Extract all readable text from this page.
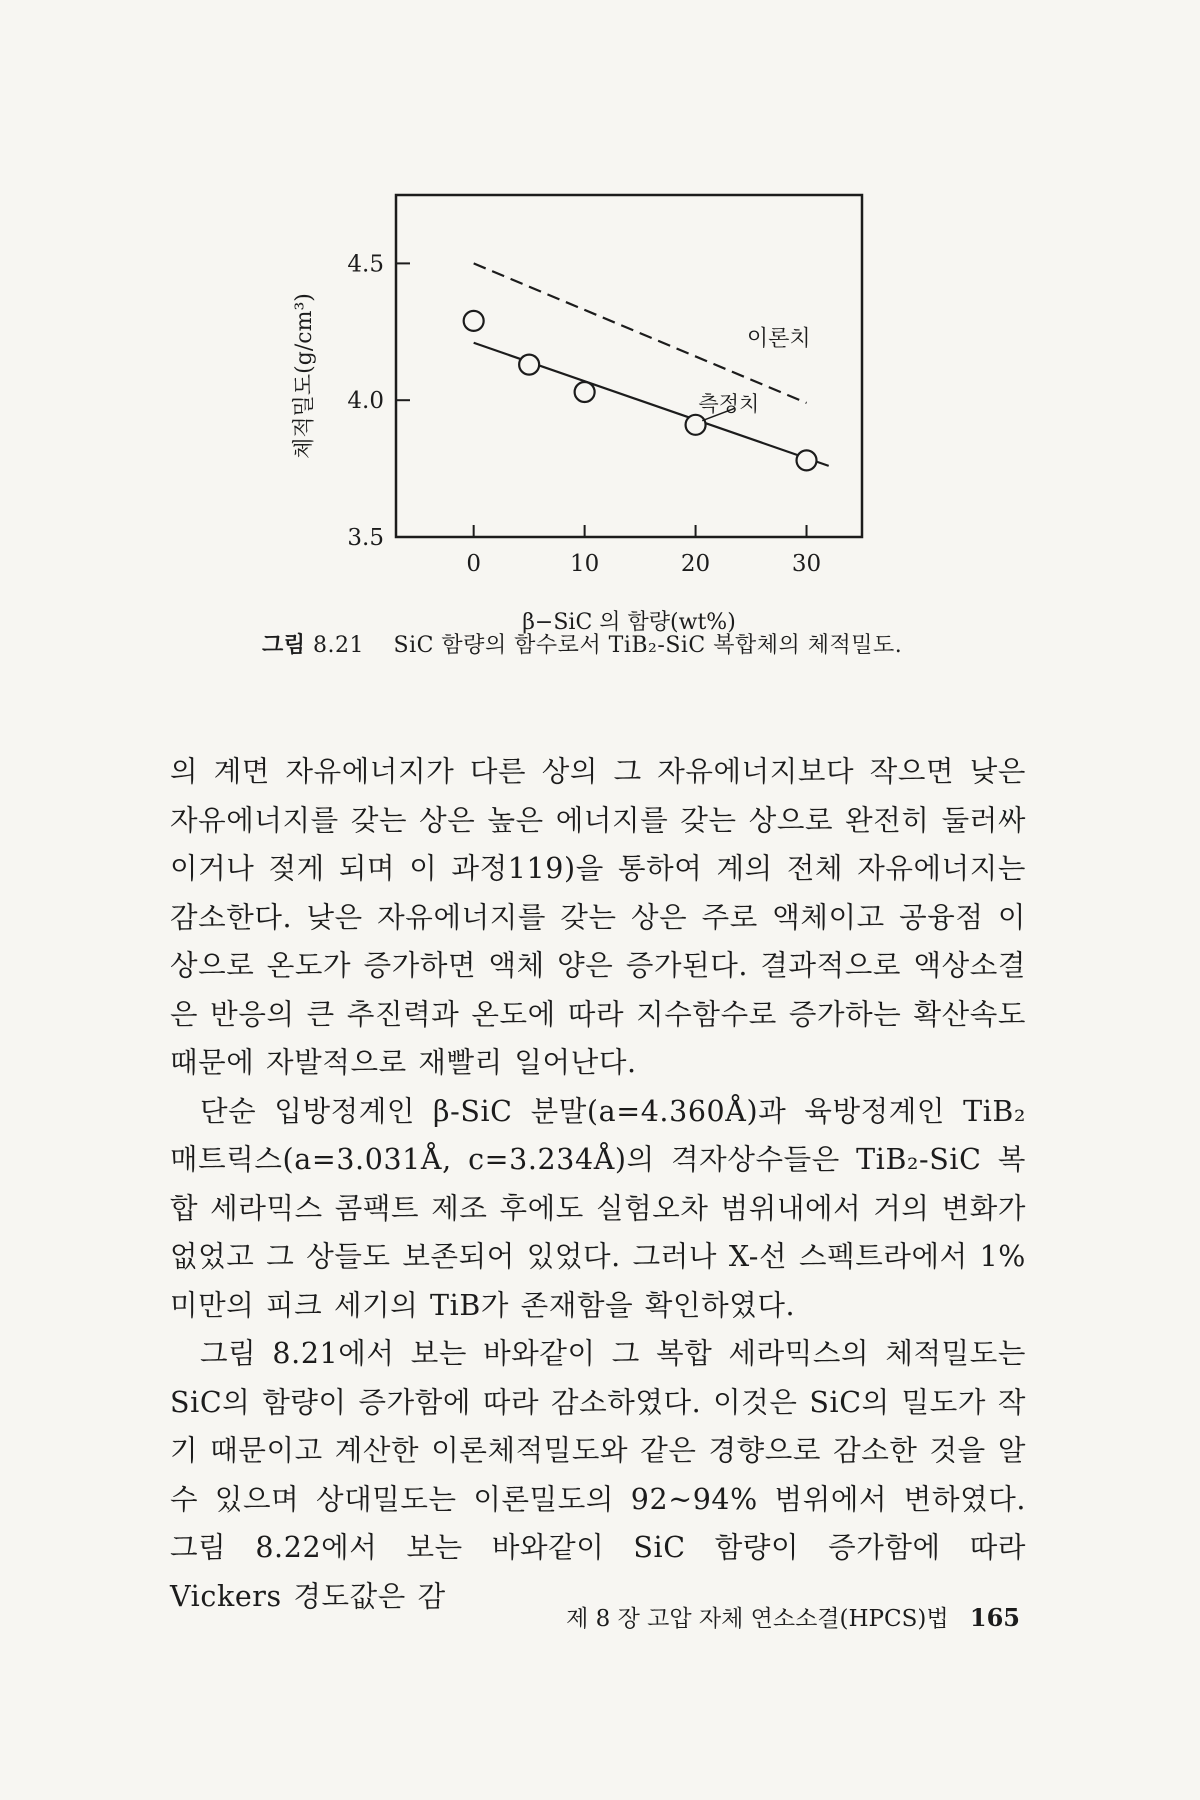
0	10	20	30
3.5
4.0
4.5
β−SiC 의 함량(wt%)
체적밀도(g/cm³)	이론치
측정치
그림 8.21 SiC 함량의 함수로서 TiB₂-SiC 복합체의 체적밀도.

의 계면 자유에너지가 다른 상의 그 자유에너지보다 작으면 낮은 자유에너지를 갖는 상은 높은 에너지를 갖는 상으로 완전히 둘러싸이거나 젖게 되며 이 과정119)을 통하여 계의 전체 자유에너지는 감소한다. 낮은 자유에너지를 갖는 상은 주로 액체이고 공융점 이상으로 온도가 증가하면 액체 양은 증가된다. 결과적으로 액상소결은 반응의 큰 추진력과 온도에 따라 지수함수로 증가하는 확산속도 때문에 자발적으로 재빨리 일어난다.

단순 입방정계인 β-SiC 분말(a=4.360Å)과 육방정계인 TiB₂ 매트릭스(a=3.031Å, c=3.234Å)의 격자상수들은 TiB₂-SiC 복합 세라믹스 콤팩트 제조 후에도 실험오차 범위내에서 거의 변화가 없었고 그 상들도 보존되어 있었다. 그러나 X-선 스펙트라에서 1% 미만의 피크 세기의 TiB가 존재함을 확인하였다.

그림 8.21에서 보는 바와같이 그 복합 세라믹스의 체적밀도는 SiC의 함량이 증가함에 따라 감소하였다. 이것은 SiC의 밀도가 작기 때문이고 계산한 이론체적밀도와 같은 경향으로 감소한 것을 알 수 있으며 상대밀도는 이론밀도의 92~94% 범위에서 변하였다. 그림 8.22에서 보는 바와같이 SiC 함량이 증가함에 따라 Vickers 경도값은 감

제 8 장 고압 자체 연소소결(HPCS)법 165
